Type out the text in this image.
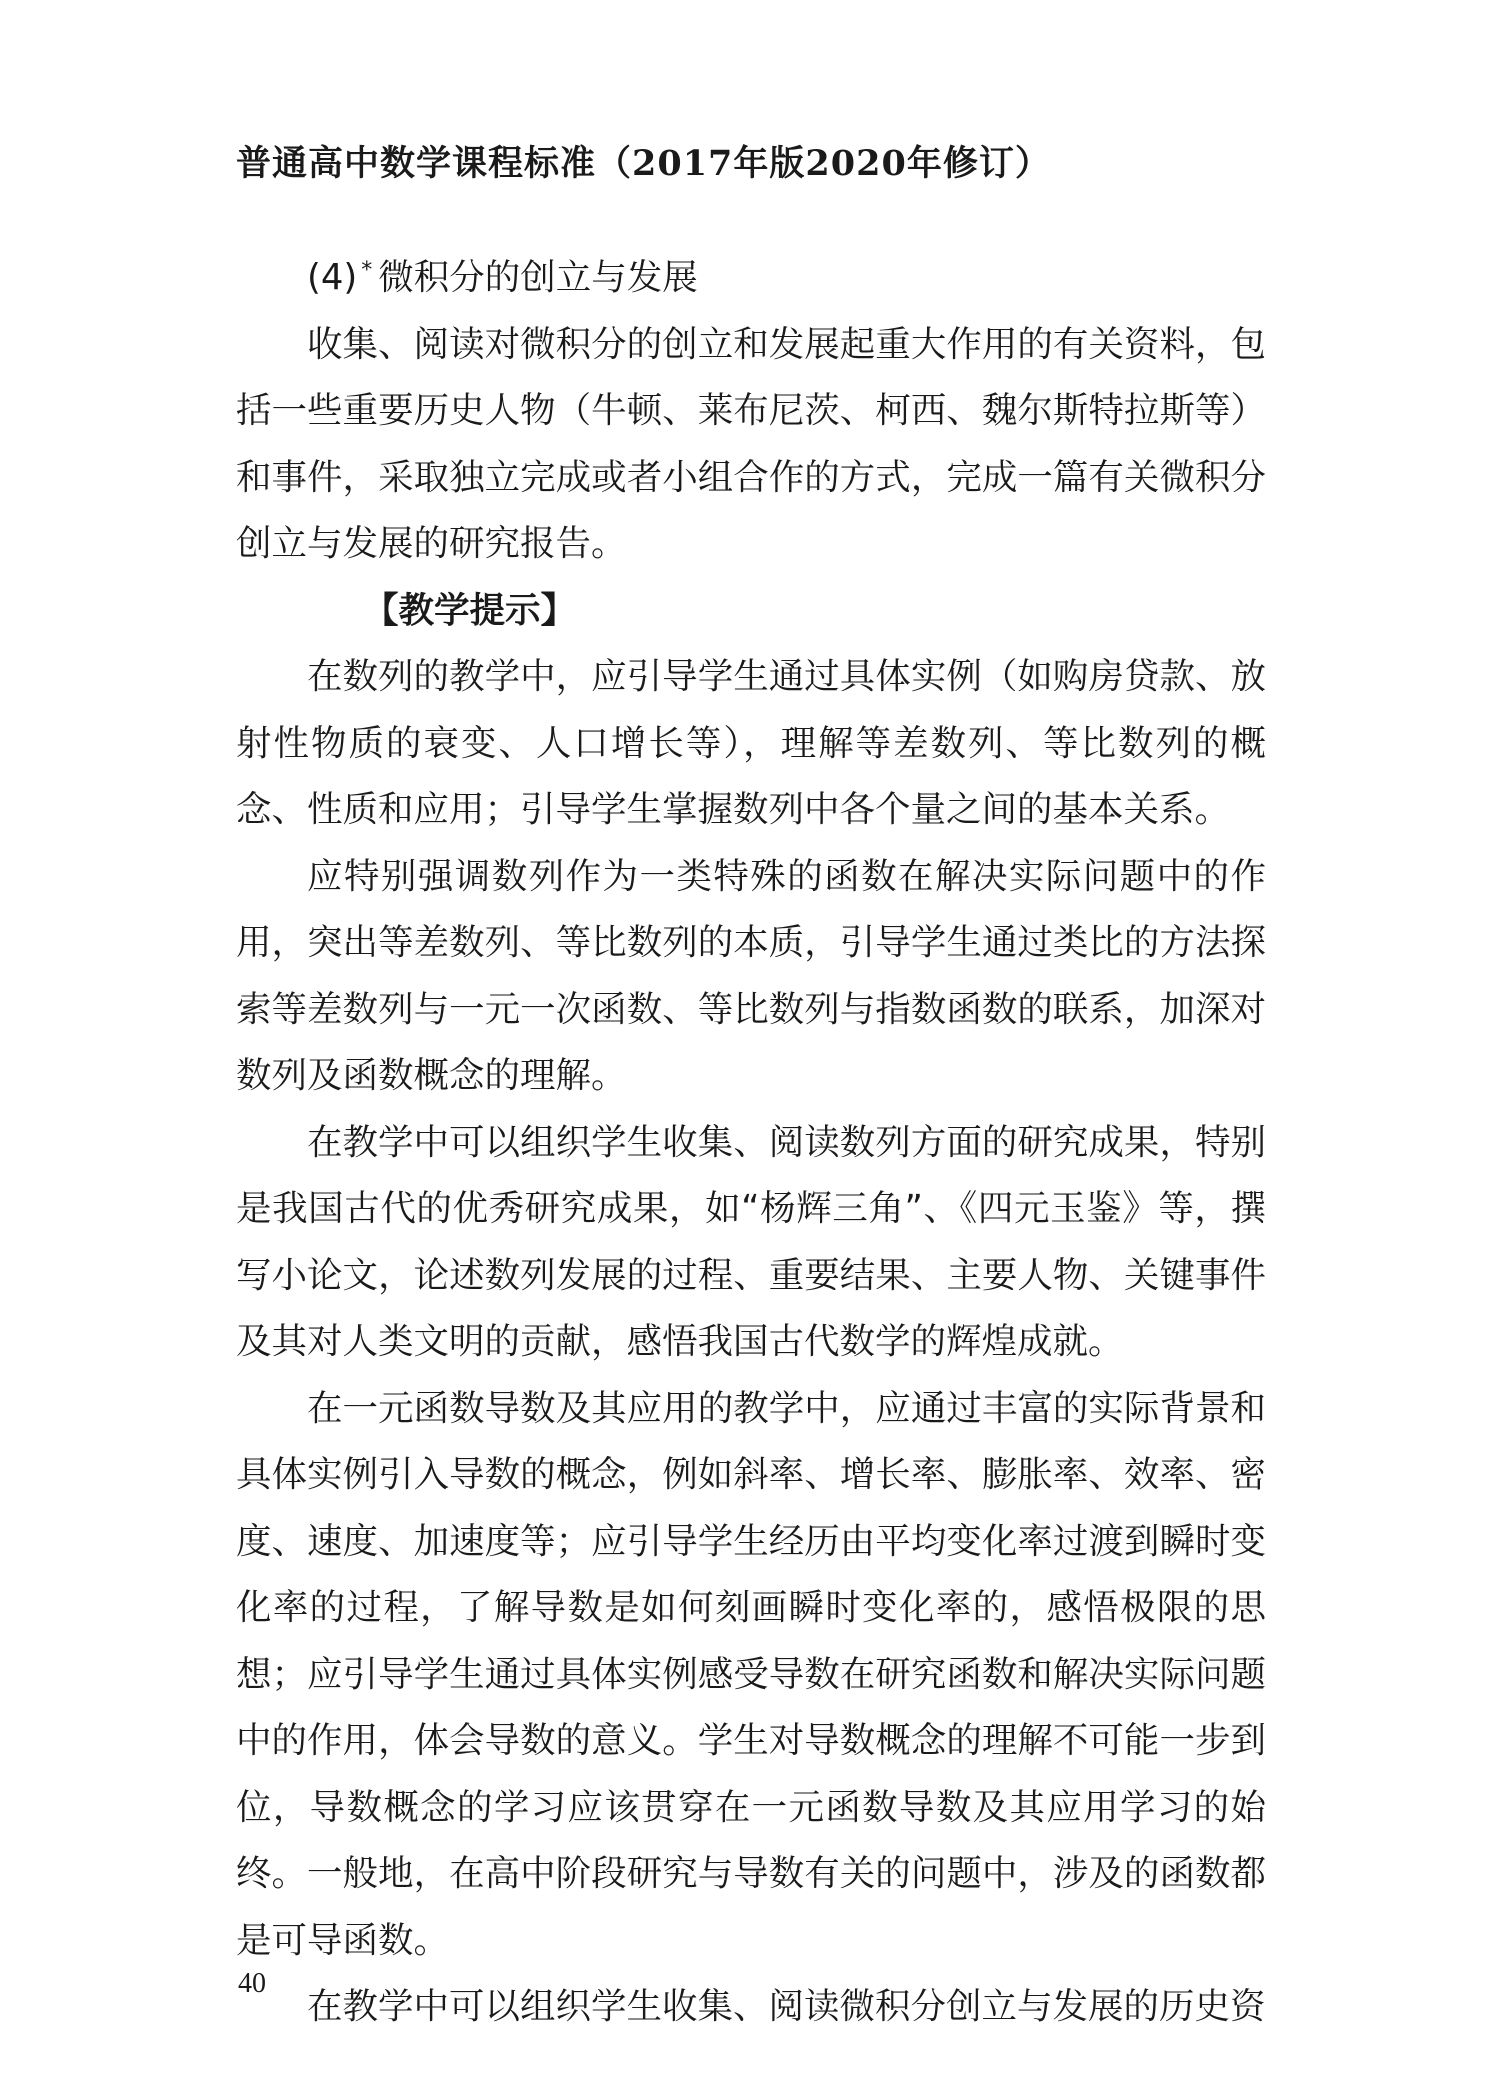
普通高中数学课程标准（2017年版2020年修订）

(4) * 微积分的创立与发展

收集、阅读对微积分的创立和发展起重大作用的有关资料，包括一些重要历史人物（牛顿、莱布尼茨、柯西、魏尔斯特拉斯等）和事件，采取独立完成或者小组合作的方式，完成一篇有关微积分创立与发展的研究报告。

【教学提示】

在数列的教学中，应引导学生通过具体实例（如购房贷款、放射性物质的衰变、人口增长等），理解等差数列、等比数列的概念、性质和应用；引导学生掌握数列中各个量之间的基本关系。

应特别强调数列作为一类特殊的函数在解决实际问题中的作用，突出等差数列、等比数列的本质，引导学生通过类比的方法探索等差数列与一元一次函数、等比数列与指数函数的联系，加深对数列及函数概念的理解。

在教学中可以组织学生收集、阅读数列方面的研究成果，特别是我国古代的优秀研究成果，如“杨辉三角”、《四元玉鉴》等，撰写小论文，论述数列发展的过程、重要结果、主要人物、关键事件及其对人类文明的贡献，感悟我国古代数学的辉煌成就。

在一元函数导数及其应用的教学中，应通过丰富的实际背景和具体实例引入导数的概念，例如斜率、增长率、膨胀率、效率、密度、速度、加速度等；应引导学生经历由平均变化率过渡到瞬时变化率的过程，了解导数是如何刻画瞬时变化率的，感悟极限的思想；应引导学生通过具体实例感受导数在研究函数和解决实际问题中的作用，体会导数的意义。学生对导数概念的理解不可能一步到位，导数概念的学习应该贯穿在一元函数导数及其应用学习的始终。一般地，在高中阶段研究与导数有关的问题中，涉及的函数都是可导函数。

在教学中可以组织学生收集、阅读微积分创立与发展的历史资

40
